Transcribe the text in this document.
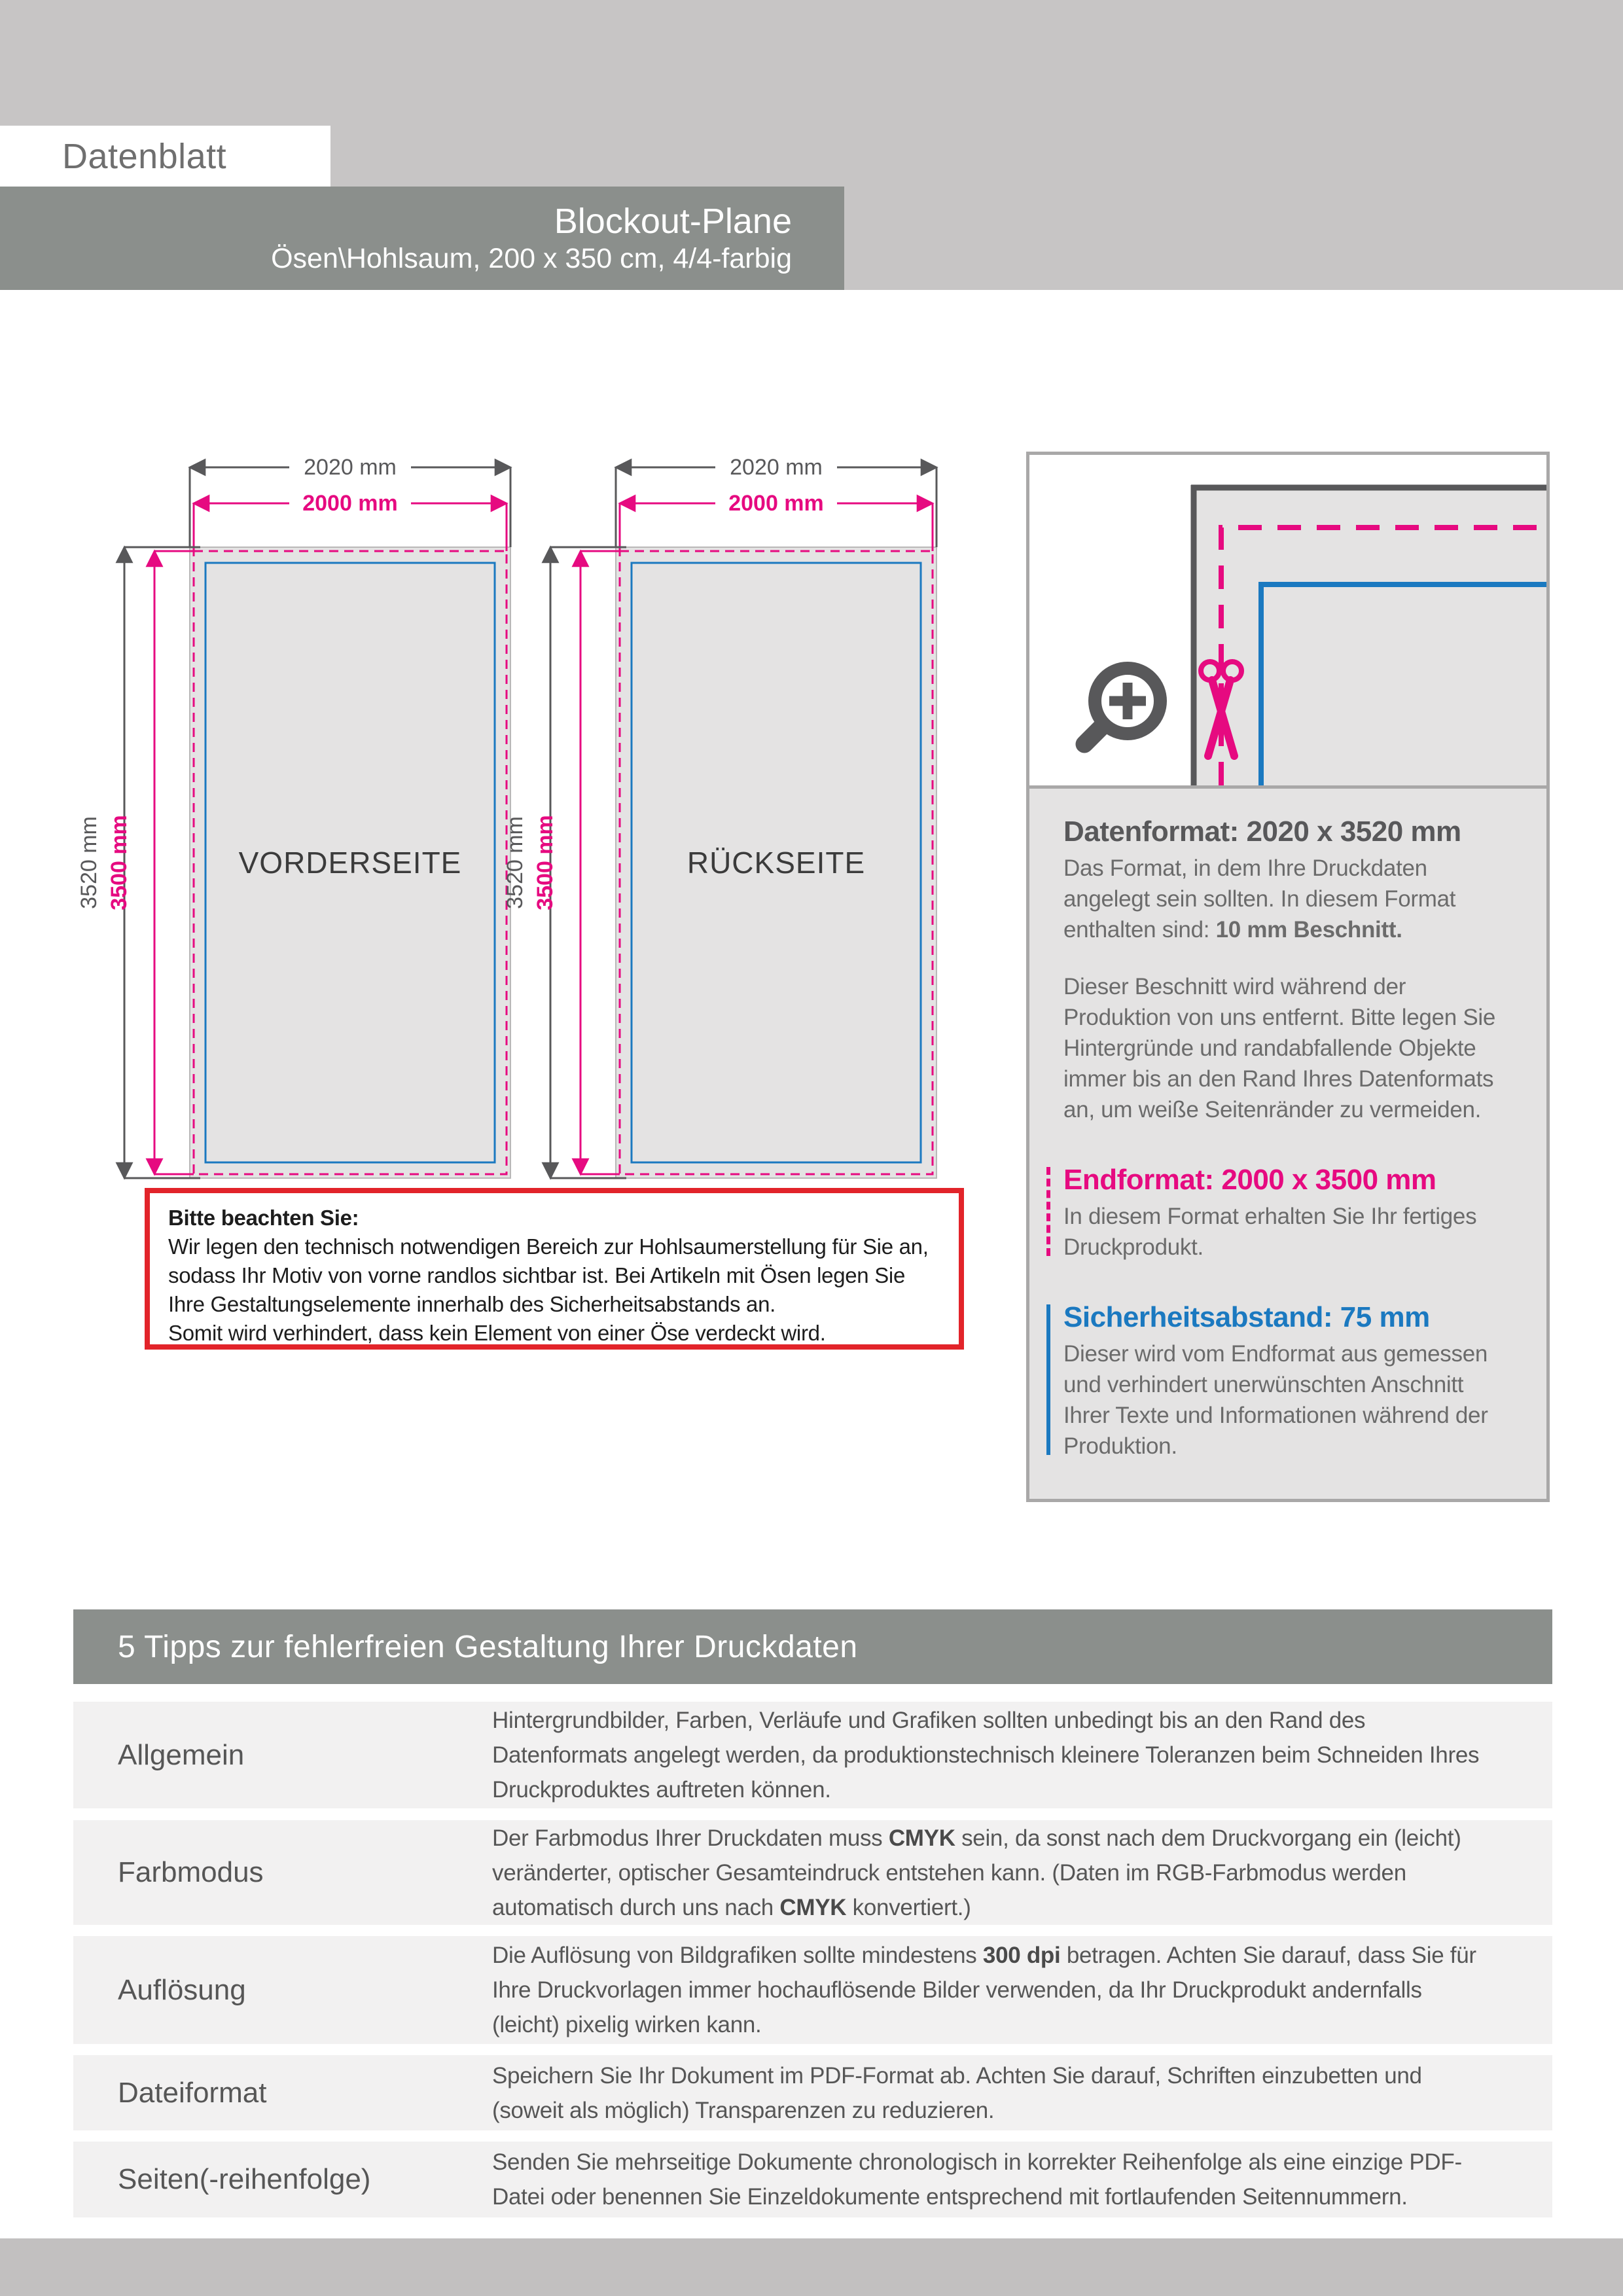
Datenblatt
Blockout-Plane
Ösen\Hohlsaum, 200 x 350 cm, 4/4-farbig
2020 mm
2000 mm
3520 mm 3500 mm	VORDERSEITE
2020 mm
2000 mm
3520 mm 3500 mm	RÜCKSEITE
Datenformat: 2020 x 3520 mm

Das Format, in dem Ihre Druckdaten angelegt sein sollten. In diesem Format enthalten sind: 10 mm Beschnitt.

Dieser Beschnitt wird während der Produktion von uns entfernt. Bitte legen Sie Hintergründe und randabfallende Objekte immer bis an den Rand Ihres Datenformats an, um weiße Seitenränder zu vermeiden.

Endformat: 2000 x 3500 mm

In diesem Format erhalten Sie Ihr fertiges Druckprodukt.

Sicherheitsabstand: 75 mm

Dieser wird vom Endformat aus gemessen und verhindert unerwünschten Anschnitt Ihrer Texte und Informationen während der Produktion.

Bitte beachten Sie:
Wir legen den technisch notwendigen Bereich zur Hohlsaumerstellung für Sie an, sodass Ihr Motiv von vorne randlos sichtbar ist. Bei Artikeln mit Ösen legen Sie Ihre Gestaltungselemente innerhalb des Sicherheitsabstands an.
Somit wird verhindert, dass kein Element von einer Öse verdeckt wird.
5 Tipps zur fehlerfreien Gestaltung Ihrer Druckdaten
Allgemein
Hintergrundbilder, Farben, Verläufe und Grafiken sollten unbedingt bis an den Rand des Datenformats angelegt werden, da produktionstechnisch kleinere Toleranzen beim Schneiden Ihres Druckproduktes auftreten können.
Farbmodus
Der Farbmodus Ihrer Druckdaten muss CMYK sein, da sonst nach dem Druckvorgang ein (leicht) veränderter, optischer Gesamteindruck entstehen kann. (Daten im RGB-Farbmodus werden automatisch durch uns nach CMYK konvertiert.)
Auflösung
Die Auflösung von Bildgrafiken sollte mindestens 300 dpi betragen. Achten Sie darauf, dass Sie für Ihre Druckvorlagen immer hochauflösende Bilder verwenden, da Ihr Druckprodukt andernfalls (leicht) pixelig wirken kann.
Dateiformat
Speichern Sie Ihr Dokument im PDF-Format ab. Achten Sie darauf, Schriften einzubetten und (soweit als möglich) Transparenzen zu reduzieren.
Seiten(-reihenfolge)
Senden Sie mehrseitige Dokumente chronologisch in korrekter Reihenfolge als eine einzige PDF-Datei oder benennen Sie Einzeldokumente entsprechend mit fortlaufenden Seitennummern.
